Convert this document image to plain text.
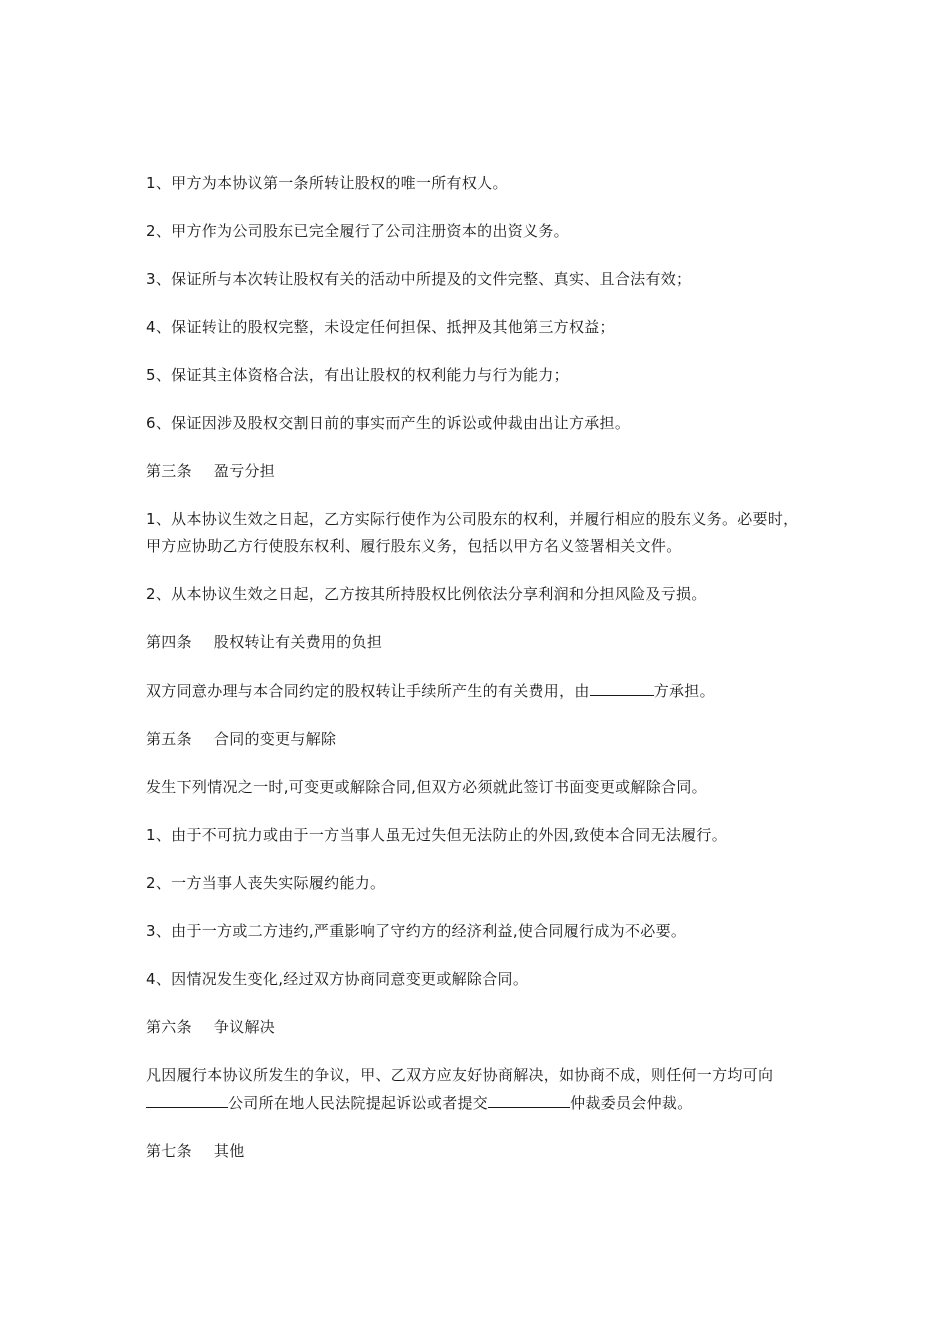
1、甲方为本协议第一条所转让股权的唯一所有权人。

2、甲方作为公司股东已完全履行了公司注册资本的出资义务。

3、保证所与本次转让股权有关的活动中所提及的文件完整、真实、且合法有效；

4、保证转让的股权完整，未设定任何担保、抵押及其他第三方权益；

5、保证其主体资格合法，有出让股权的权利能力与行为能力；

6、保证因涉及股权交割日前的事实而产生的诉讼或仲裁由出让方承担。

第三条 盈亏分担

1、从本协议生效之日起，乙方实际行使作为公司股东的权利，并履行相应的股东义务。必要时，甲方应协助乙方行使股东权利、履行股东义务，包括以甲方名义签署相关文件。

2、从本协议生效之日起，乙方按其所持股权比例依法分享利润和分担风险及亏损。

第四条 股权转让有关费用的负担

双方同意办理与本合同约定的股权转让手续所产生的有关费用，由	方承担。

第五条 合同的变更与解除

发生下列情况之一时,可变更或解除合同,但双方必须就此签订书面变更或解除合同。

1、由于不可抗力或由于一方当事人虽无过失但无法防止的外因,致使本合同无法履行。

2、一方当事人丧失实际履约能力。

3、由于一方或二方违约,严重影响了守约方的经济利益,使合同履行成为不必要。

4、因情况发生变化,经过双方协商同意变更或解除合同。

第六条 争议解决

凡因履行本协议所发生的争议，甲、乙双方应友好协商解决，如协商不成，则任何一方均可向公司所在地人民法院提起诉讼或者提交	仲裁委员会仲裁。

第七条 其他
